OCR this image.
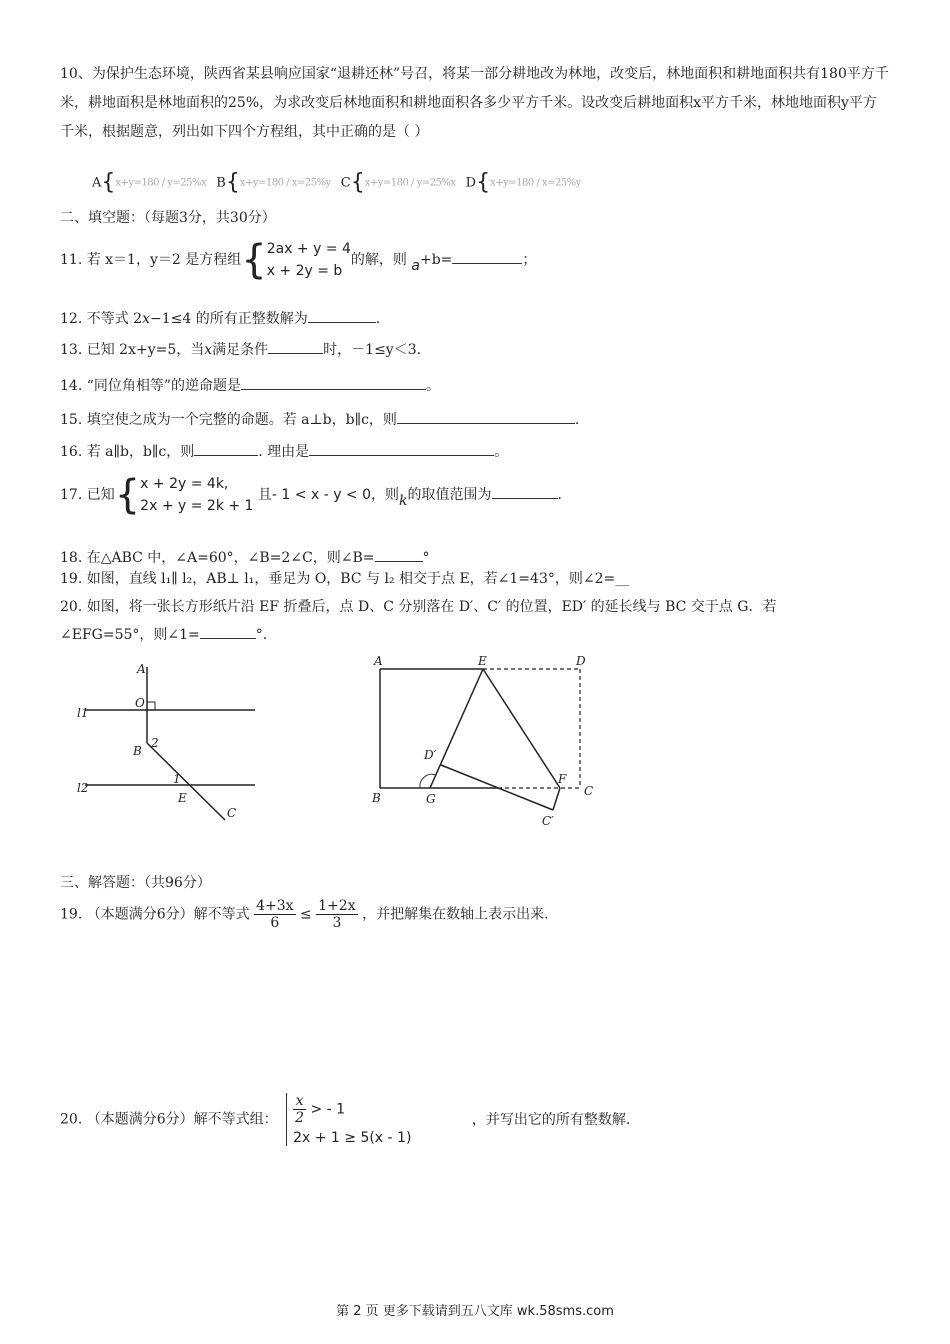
10、为保护生态环境，陕西省某县响应国家“退耕还林”号召，将某一部分耕地改为林地，改变后，林地面积和耕地面积共有180平方千米，耕地面积是林地面积的25%，为求改变后林地面积和耕地面积各多少平方千米。设改变后耕地面积x平方千米，林地地面积y平方千米，根据题意，列出如下四个方程组，其中正确的是（ ）
A{x+y=180 / y=25%x B{x+y=180 / x=25%y C{x+y=180 / y=25%x D{x+y=180 / x=25%y
二、填空题：（每题3分，共30分）
11. 若 x＝1，y＝2 是方程组{ 2ax + y = 4
x + 2y = b
的解，则 a+b=	；
12. 不等式 2x−1≤4 的所有正整数解为	.
13. 已知 2x+y=5，当x满足条件	时，－1≤y＜3.
14. “同位角相等”的逆命题是	。
15. 填空使之成为一个完整的命题。若 a⊥b，b∥c，则	.
16. 若 a∥b，b∥c，则	. 理由是	。
17. 已知{ x + 2y = 4k,
2x + y = 2k + 1
且- 1 < x - y < 0，则k的取值范围为	.
18. 在△ABC 中，∠A=60°，∠B=2∠C，则∠B=	°
19. 如图，直线 l₁∥ l₂，AB⊥ l₁，垂足为 O，BC 与 l₂ 相交于点 E，若∠1=43°，则∠2=__
20. 如图，将一张长方形纸片沿 EF 折叠后，点 D、C 分别落在 D′、C′ 的位置，ED′ 的延长线与 BC 交于点 G．若
∠EFG=55°，则∠1=	°.
A
O
l1
2
B
l2
1
E
C
A	E	D
D′
F
C
B	G
C′
三、解答题：（共96分）
19. （本题满分6分）解不等式 $\frac{4+3x}{6} \le \frac{1+2x}{3}$ ，并把解集在数轴上表示出来.
20. （本题满分6分）解不等式组： $\frac{x}{2}$ > - 1
2x + 1 ≥ 5(x - 1)
，并写出它的所有整数解.
第 2 页 更多下载请到五八文库 wk.58sms.com
